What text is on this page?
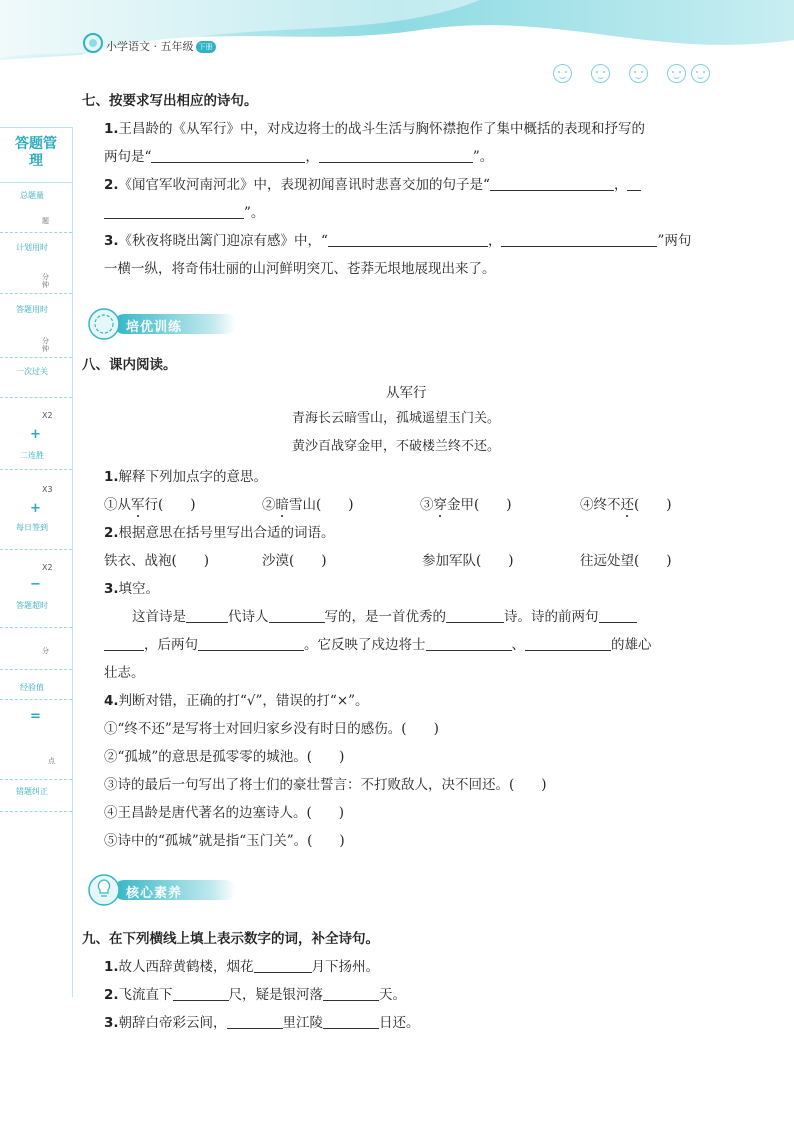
小学语文 · 五年级 下册
答题管理
总题量
题
计划用时
分钟
答题用时
分钟
一次过关
X2
+
二连胜
X3
+
每日签到
X2
−
答题超时
分
经验值
=
点
错题纠正
七、按要求写出相应的诗句。
1.王昌龄的《从军行》中，对戍边将士的战斗生活与胸怀襟抱作了集中概括的表现和抒写的
两句是“	，	”。
2.《闻官军收河南河北》中，表现初闻喜讯时悲喜交加的句子是“	，
”。
3.《秋夜将晓出篱门迎凉有感》中，“	，	”两句
一横一纵，将奇伟壮丽的山河鲜明突兀、苍莽无垠地展现出来了。
培优训练
八、课内阅读。
从军行
青海长云暗雪山，孤城遥望玉门关。
黄沙百战穿金甲，不破楼兰终不还。
1.解释下列加点字的意思。
①从军行(　　)	②暗雪山(　　)	③穿金甲(　　)	④终不还(　　)
2.根据意思在括号里写出合适的词语。
铁衣、战袍(　　)	沙漠(　　)	参加军队(　　)	往远处望(　　)
3.填空。
这首诗是	代诗人	写的，是一首优秀的	诗。诗的前两句
，后两句	。它反映了戍边将士	、	的雄心
壮志。
4.判断对错，正确的打“√”，错误的打“×”。
①“终不还”是写将士对回归家乡没有时日的感伤。(　　)
②“孤城”的意思是孤零零的城池。(　　)
③诗的最后一句写出了将士们的豪壮誓言：不打败敌人，决不回还。(　　)
④王昌龄是唐代著名的边塞诗人。(　　)
⑤诗中的“孤城”就是指“玉门关”。(　　)
核心素养
九、在下列横线上填上表示数字的词，补全诗句。
1.故人西辞黄鹤楼，烟花	月下扬州。
2.飞流直下	尺，疑是银河落	天。
3.朝辞白帝彩云间，	里江陵	日还。
